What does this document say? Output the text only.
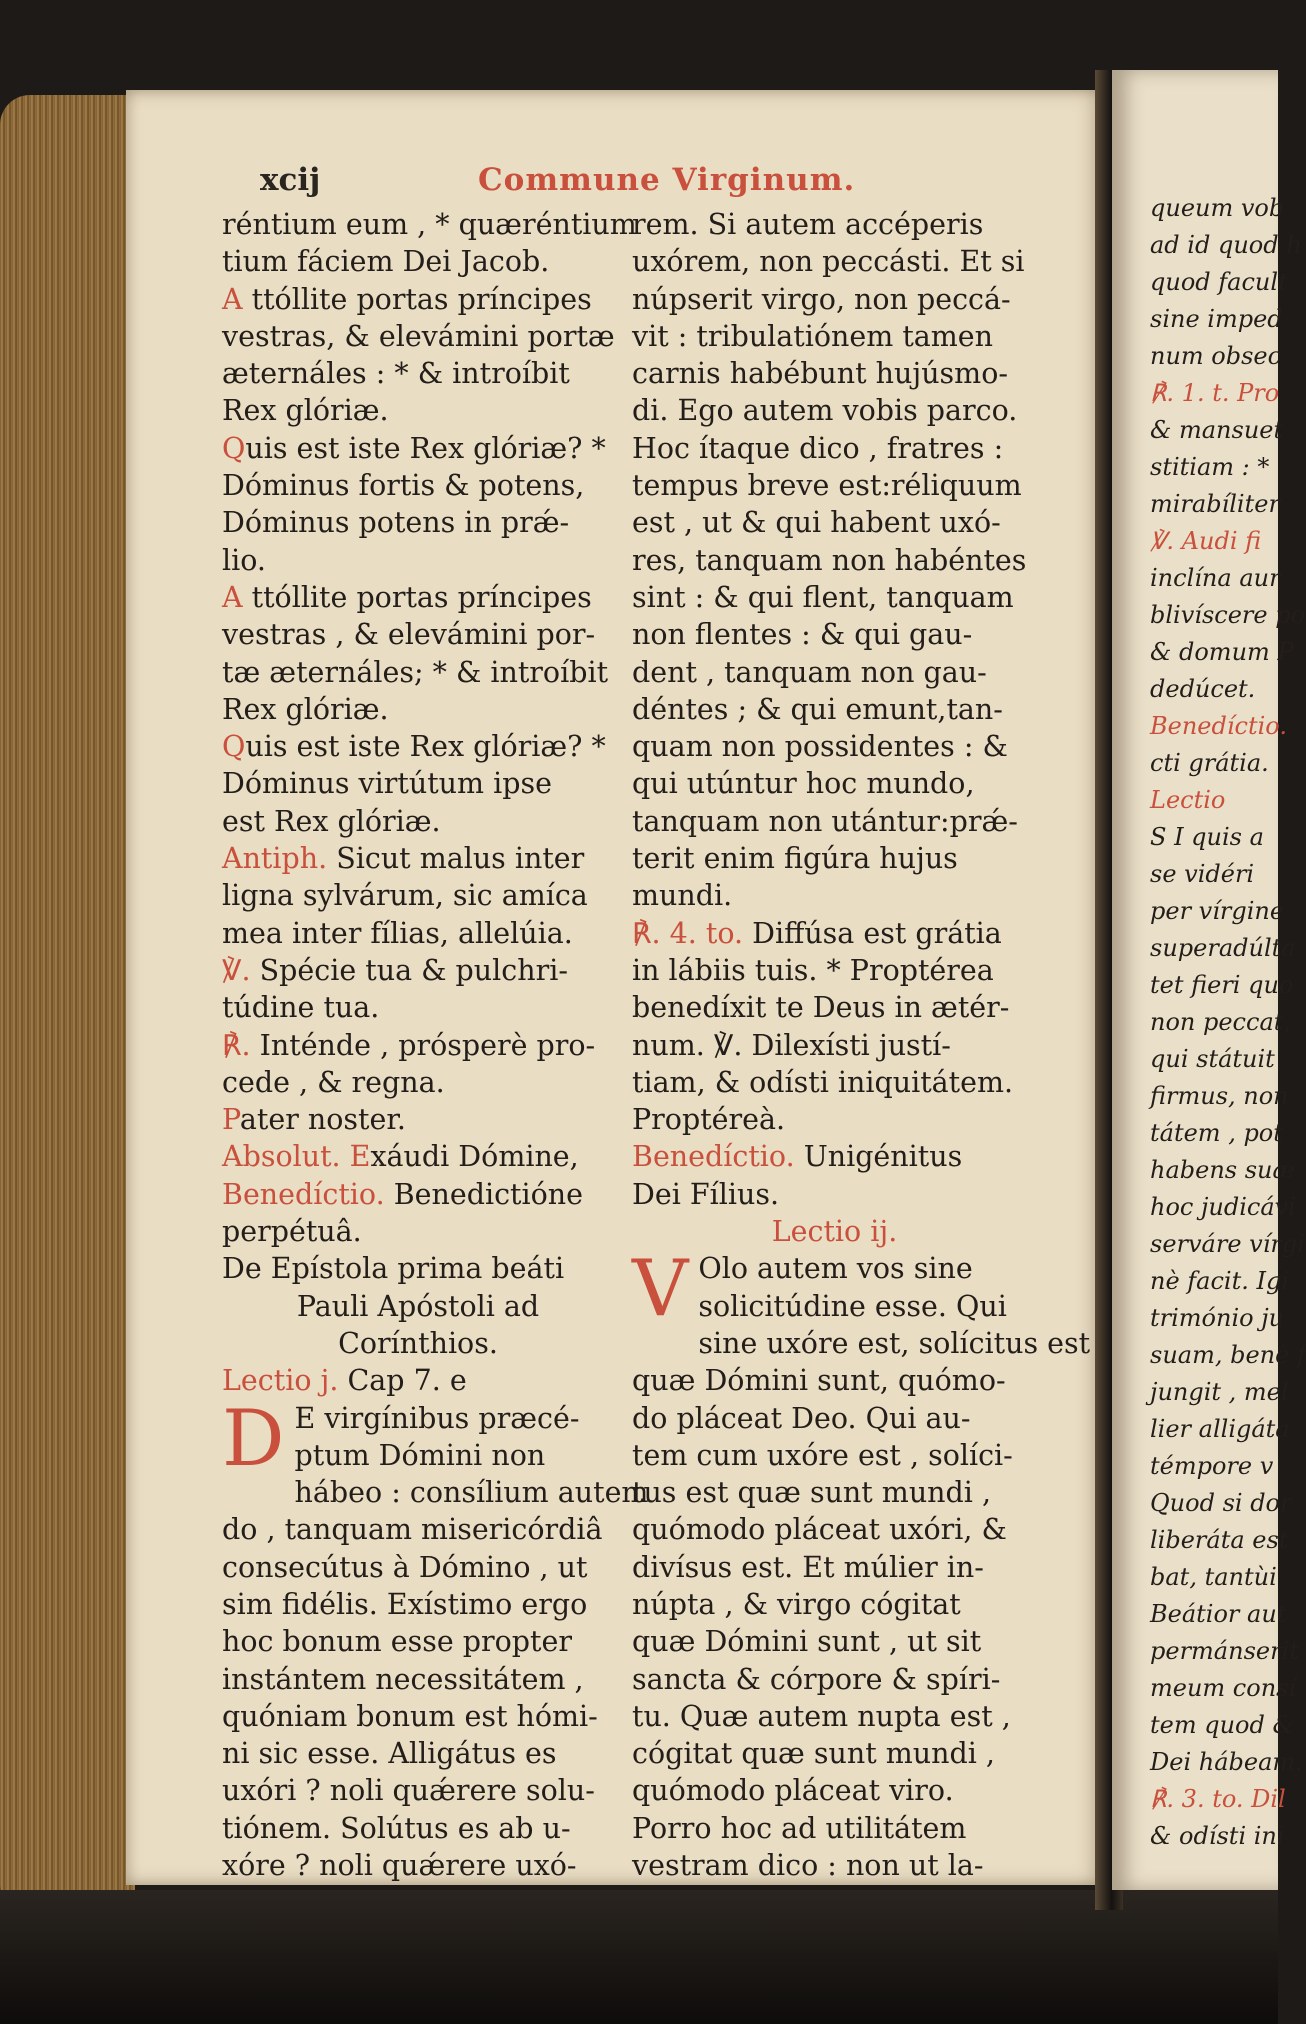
xcij	Commune Virginum.
réntium eum , * quæréntium
tium fáciem Dei Jacob.
A ttóllite portas príncipes
vestras, & elevámini portæ
æternáles : * & introíbit
Rex glóriæ.
Quis est iste Rex glóriæ? *
Dóminus fortis & potens,
Dóminus potens in prǽ-
lio.
A ttóllite portas príncipes
vestras , & elevámini por-
tæ æternáles; * & introíbit
Rex glóriæ.
Quis est iste Rex glóriæ? *
Dóminus virtútum ipse
est Rex glóriæ.
Antiph. Sicut malus inter
ligna sylvárum, sic amíca
mea inter fílias, allelúia.
℣. Spécie tua & pulchri-
túdine tua.
℟. Inténde , prósperè pro-
cede , & regna.
Pater noster.
Absolut. Exáudi Dómine,
Benedíctio. Benedictióne
perpétuâ.
De Epístola prima beáti
Pauli Apóstoli ad
Corínthios.
Lectio j. Cap 7. e
D E virgínibus præcé-
ptum Dómini non
hábeo : consílium autem
do , tanquam misericórdiâ
consecútus à Dómino , ut
sim fidélis. Exístimo ergo
hoc bonum esse propter
instántem necessitátem ,
quóniam bonum est hómi-
ni sic esse. Alligátus es
uxóri ? noli quǽrere solu-
tiónem. Solútus es ab u-
xóre ? noli quǽrere uxó-
rem. Si autem accéperis
uxórem, non peccásti. Et si
núpserit virgo, non peccá-
vit : tribulatiónem tamen
carnis habébunt hujúsmo-
di. Ego autem vobis parco.
Hoc ítaque dico , fratres :
tempus breve est:réliquum
est , ut & qui habent uxó-
res, tanquam non habéntes
sint : & qui flent, tanquam
non flentes : & qui gau-
dent , tanquam non gau-
déntes ; & qui emunt,tan-
quam non possidentes : &
qui utúntur hoc mundo,
tanquam non utántur:prǽ-
terit enim figúra hujus
mundi.
℟. 4. to. Diffúsa est grátia
in lábiis tuis. * Proptérea
benedíxit te Deus in ætér-
num. ℣. Dilexísti justí-
tiam, & odísti iniquitátem.
Proptéreà.
Benedíctio. Unigénitus
Dei Fílius.
Lectio ij.
V Olo autem vos sine
solicitúdine esse. Qui
sine uxóre est, solícitus est
quæ Dómini sunt, quómo-
do pláceat Deo. Qui au-
tem cum uxóre est , solíci-
tus est quæ sunt mundi ,
quómodo pláceat uxóri, &
divísus est. Et múlier in-
núpta , & virgo cógitat
quæ Dómini sunt , ut sit
sancta & córpore & spíri-
tu. Quæ autem nupta est ,
cógitat quæ sunt mundi ,
quómodo pláceat viro.
Porro hoc ad utilitátem
vestram dico : non ut la-
queum vob
ad id quod h
quod facult
sine imped
num obsec
℟. 1. t. Pro
& mansuet
stitiam : *
mirabíliter
℣. Audi fi
inclína aur
blivíscere po
& domum P
dedúcet.
Benedíctio.
cti grátia.
Lectio
S I quis a
se vidéri
per vírgine
superadúlta
tet fieri quo
non peccat,
qui státuit
firmus, non
tátem , pot
habens suæ
hoc judicávi
serváre vírgi
nè facit. Igi
trimónio ju
suam, benè f
jungit , mel
lier alligáta
témpore v
Quod si dor
liberáta est
bat, tantùi
Beátior aut
permánserit
meum consí
tem quod &
Dei hábeam.
℟. 3. to. Dil
& odísti ini
